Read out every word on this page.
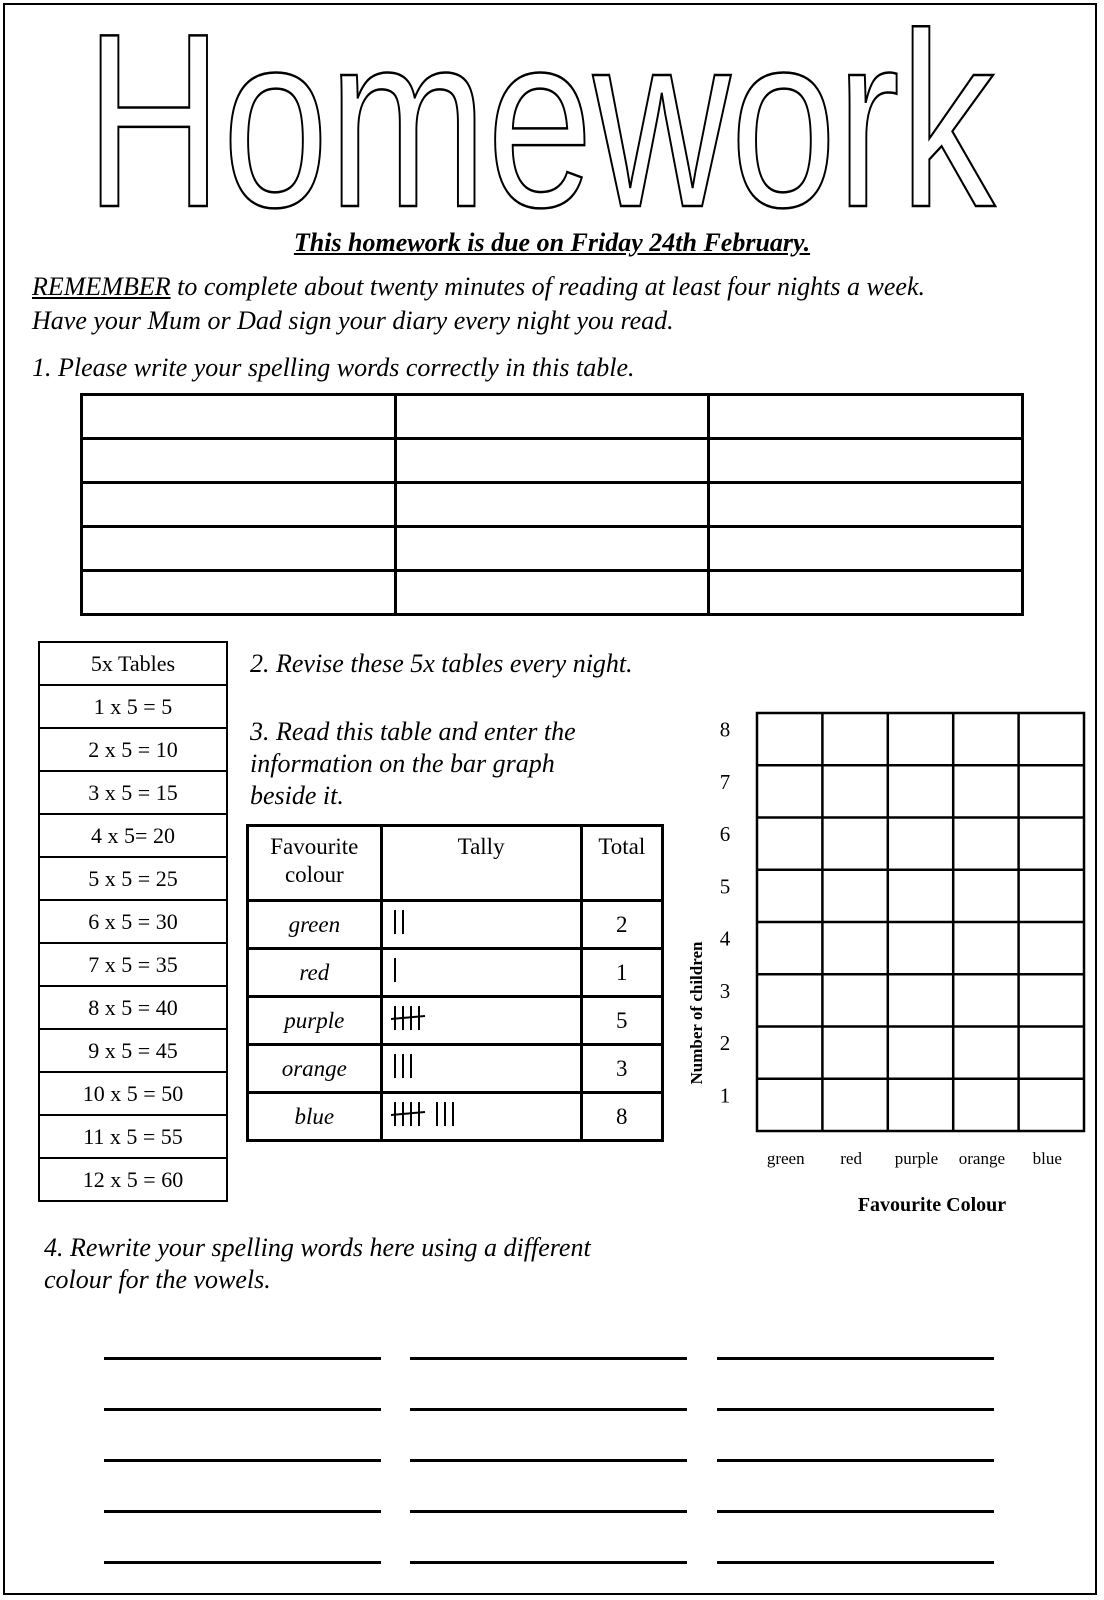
Homework
This homework is due on Friday 24th February.
REMEMBER to complete about twenty minutes of reading at least four nights a week.
Have your Mum or Dad sign your diary every night you read.
1. Please write your spelling words correctly in this table.

5x Tables
1 x 5 = 5
2 x 5 = 10
3 x 5 = 15
4 x 5= 20
5 x 5 = 25
6 x 5 = 30
7 x 5 = 35
8 x 5 = 40
9 x 5 = 45
10 x 5 = 50
11 x 5 = 55
12 x 5 = 60
2. Revise these 5x tables every night.
3. Read this table and enter the
information on the bar graph
beside it.
Favourite
colour	Tally	Total
green		2
red		1
purple		5
orange		3
blue		8
1
2
3
4
5
6
7
8
green red purple orange blue
Number of children
Favourite Colour
4. Rewrite your spelling words here using a different
colour for the vowels.
